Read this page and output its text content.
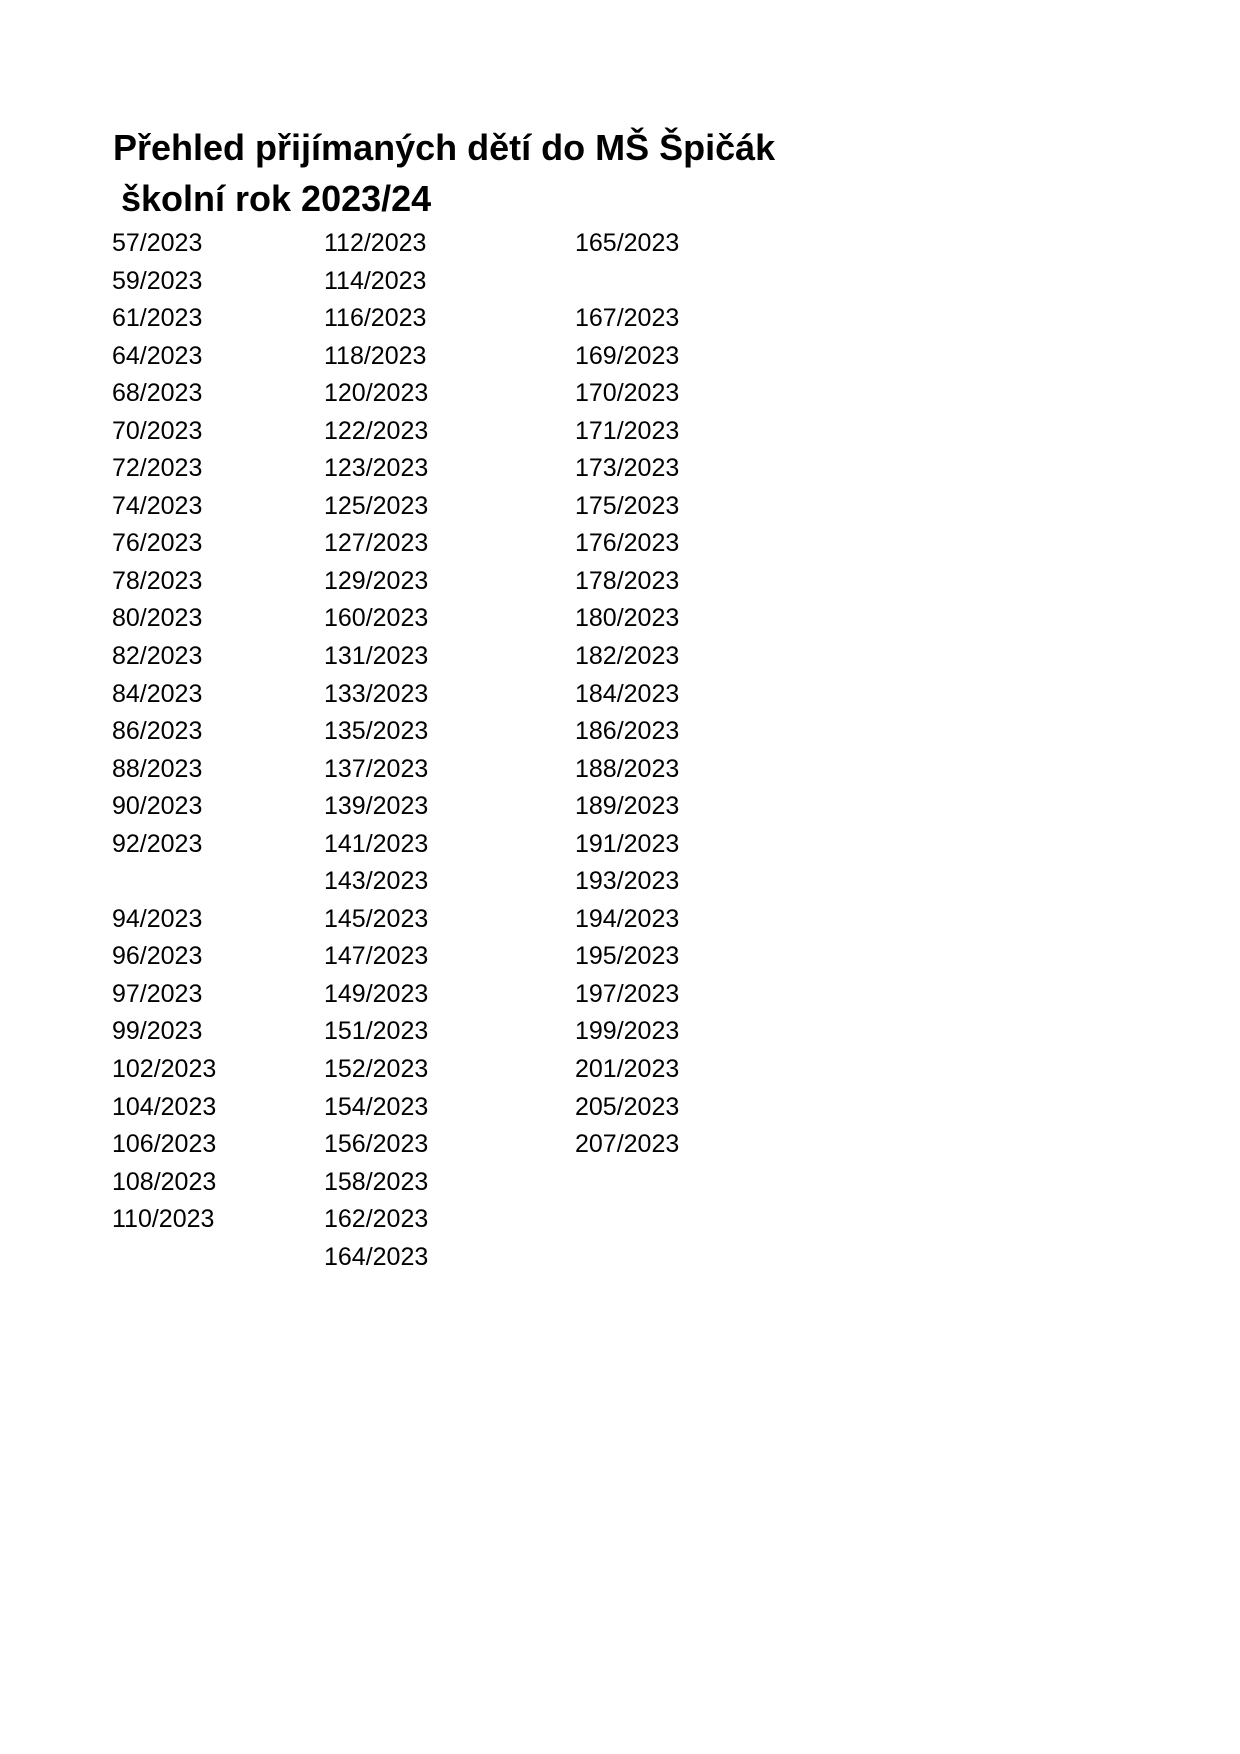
Přehled přijímaných dětí do MŠ Špičák
školní rok 2023/24
57/2023
59/2023
61/2023
64/2023
68/2023
70/2023
72/2023
74/2023
76/2023
78/2023
80/2023
82/2023
84/2023
86/2023
88/2023
90/2023
92/2023
94/2023
96/2023
97/2023
99/2023
102/2023
104/2023
106/2023
108/2023
110/2023
112/2023
114/2023
116/2023
118/2023
120/2023
122/2023
123/2023
125/2023
127/2023
129/2023
160/2023
131/2023
133/2023
135/2023
137/2023
139/2023
141/2023
143/2023
145/2023
147/2023
149/2023
151/2023
152/2023
154/2023
156/2023
158/2023
162/2023
164/2023
165/2023
167/2023
169/2023
170/2023
171/2023
173/2023
175/2023
176/2023
178/2023
180/2023
182/2023
184/2023
186/2023
188/2023
189/2023
191/2023
193/2023
194/2023
195/2023
197/2023
199/2023
201/2023
205/2023
207/2023
